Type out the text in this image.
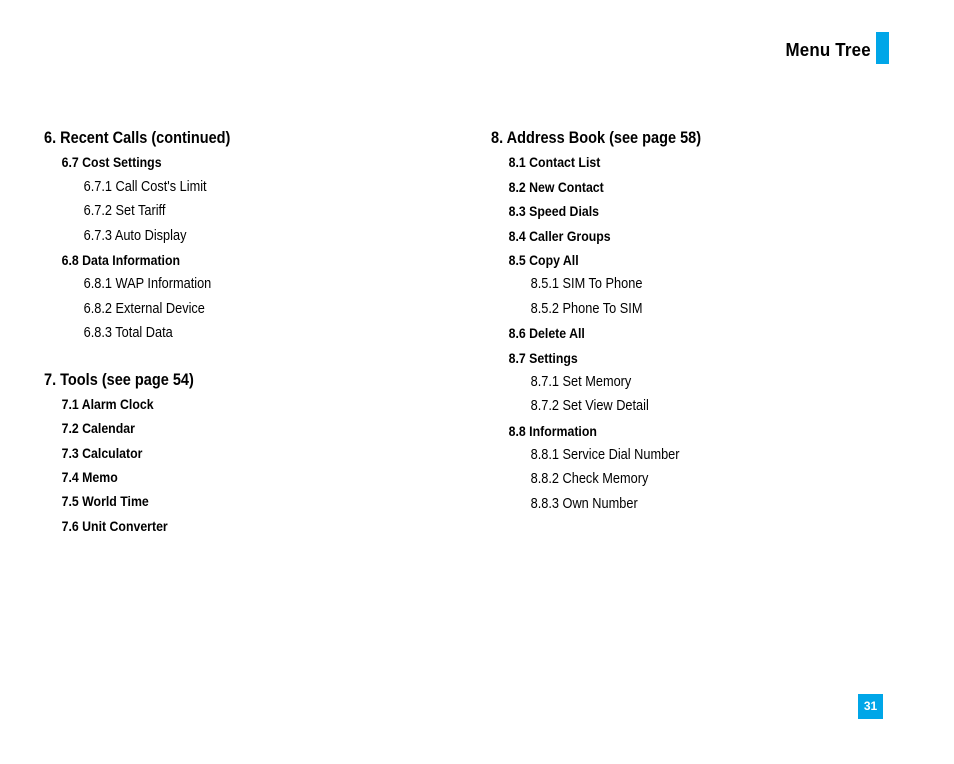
Menu Tree
6. Recent Calls (continued)
6.7 Cost Settings
6.7.1 Call Cost's Limit
6.7.2 Set Tariff
6.7.3 Auto Display
6.8 Data Information
6.8.1 WAP Information
6.8.2 External Device
6.8.3 Total Data
7. Tools (see page 54)
7.1 Alarm Clock
7.2 Calendar
7.3 Calculator
7.4 Memo
7.5 World Time
7.6 Unit Converter
8. Address Book (see page 58)
8.1 Contact List
8.2 New Contact
8.3 Speed Dials
8.4 Caller Groups
8.5 Copy All
8.5.1 SIM To Phone
8.5.2 Phone To SIM
8.6 Delete All
8.7 Settings
8.7.1 Set Memory
8.7.2 Set View Detail
8.8 Information
8.8.1 Service Dial Number
8.8.2 Check Memory
8.8.3 Own Number
31
